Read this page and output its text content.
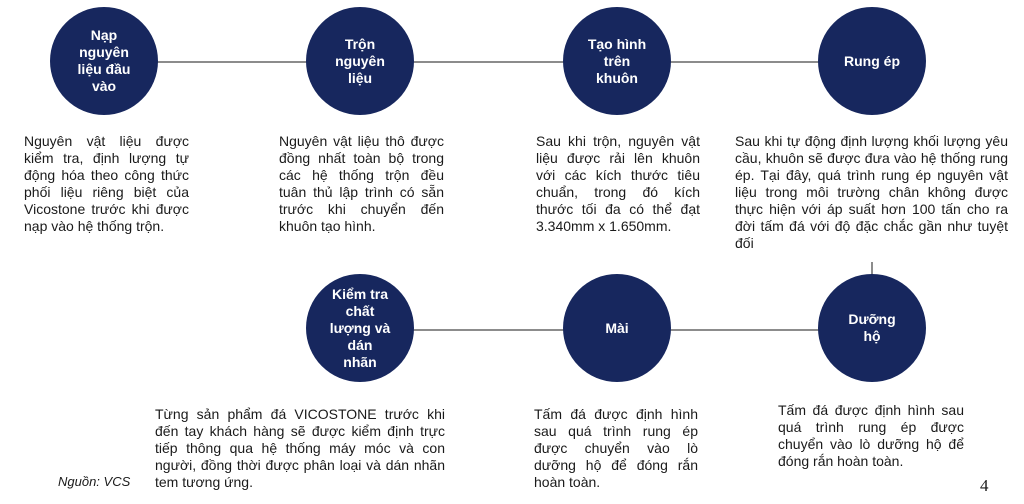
Nạp
nguyên
liệu đầu
vào
Trộn
nguyên
liệu
Tạo hình
trên
khuôn
Rung ép
Nguyên vật liệu được kiểm tra, định lượng tự động hóa theo công thức phối liệu riêng biệt của Vicostone trước khi được nạp vào hệ thống trộn.
Nguyên vật liệu thô được đồng nhất toàn bộ trong các hệ thống trộn đều tuân thủ lập trình có sẵn trước khi chuyển đến khuôn tạo hình.
Sau khi trộn, nguyên vật liệu được rải lên khuôn với các kích thước tiêu chuẩn, trong đó kích thước tối đa có thể đạt 3.340mm x 1.650mm.
Sau khi tự động định lượng khối lượng yêu cầu, khuôn sẽ được đưa vào hệ thống rung ép. Tại đây, quá trình rung ép nguyên vật liệu trong môi trường chân không được thực hiện với áp suất hơn 100 tấn cho ra đời tấm đá với độ đặc chắc gần như tuyệt đối
Kiểm tra
chất
lượng và
dán
nhãn
Mài
Dưỡng
hộ
Từng sản phẩm đá VICOSTONE trước khi đến tay khách hàng sẽ được kiểm định trực tiếp thông qua hệ thống máy móc và con người, đồng thời được phân loại và dán nhãn tem tương ứng.
Tấm đá được định hình sau quá trình rung ép được chuyển vào lò dưỡng hộ để đóng rắn hoàn toàn.
Tấm đá được định hình sau quá trình rung ép được chuyển vào lò dưỡng hộ để đóng rắn hoàn toàn.
Nguồn: VCS	4
